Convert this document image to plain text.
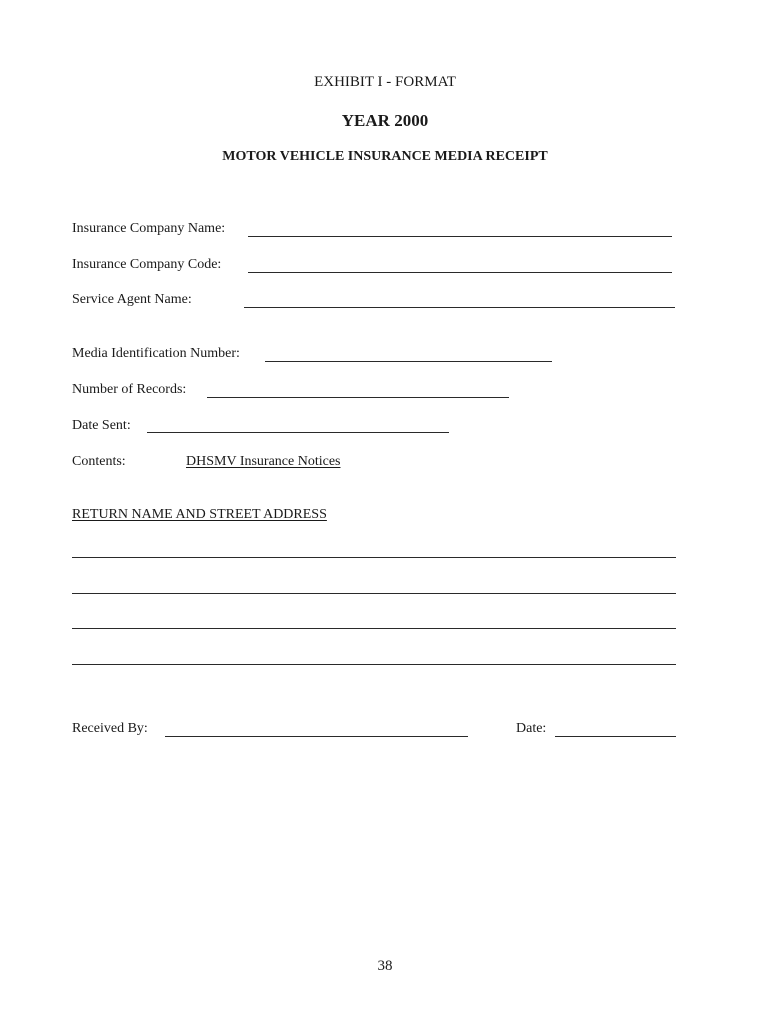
EXHIBIT I - FORMAT
YEAR 2000
MOTOR VEHICLE INSURANCE MEDIA RECEIPT
Insurance Company Name:
Insurance Company Code:
Service Agent Name:
Media Identification Number:
Number of Records:
Date Sent:
Contents:	DHSMV Insurance Notices
RETURN NAME AND STREET ADDRESS
Received By:	Date:
38
